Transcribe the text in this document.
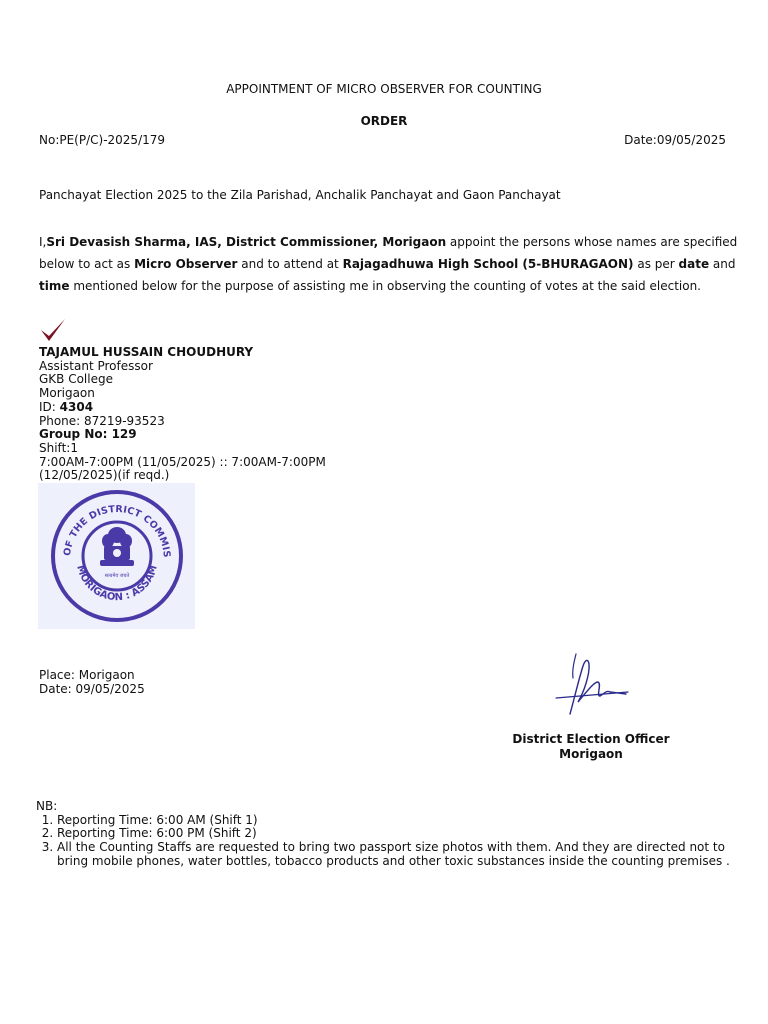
APPOINTMENT OF MICRO OBSERVER FOR COUNTING
ORDER
No:PE(P/C)-2025/179	Date:09/05/2025
Panchayat Election 2025 to the Zila Parishad, Anchalik Panchayat and Gaon Panchayat
I,Sri Devasish Sharma, IAS, District Commissioner, Morigaon appoint the persons whose names are specified below to act as Micro Observer and to attend at Rajagadhuwa High School (5-BHURAGAON) as per date and time mentioned below for the purpose of assisting me in observing the counting of votes at the said election.
TAJAMUL HUSSAIN CHOUDHURY
Assistant Professor
GKB College
Morigaon
ID: 4304
Phone: 87219-93523
Group No: 129
Shift:1
7:00AM-7:00PM (11/05/2025) :: 7:00AM-7:00PM (12/05/2025)(if reqd.)
OF THE DISTRICT COMMIS
MORIGAON : ASSAM
सत्यमेव जयते
Place: Morigaon
Date: 09/05/2025
District Election Officer
Morigaon
NB:
1. Reporting Time: 6:00 AM (Shift 1)
2. Reporting Time: 6:00 PM (Shift 2)
3. All the Counting Staffs are requested to bring two passport size photos with them. And they are directed not to bring mobile phones, water bottles, tobacco products and other toxic substances inside the counting premises .
